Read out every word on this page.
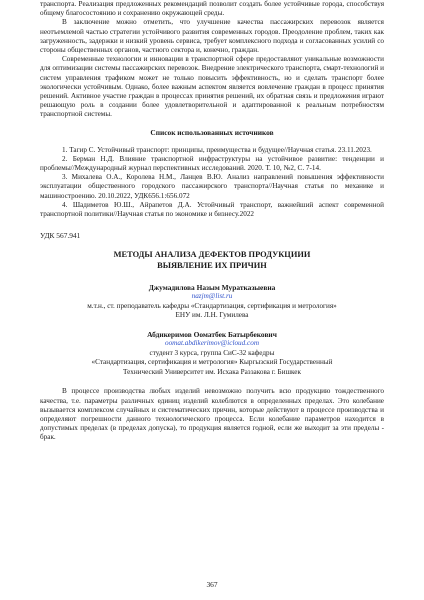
транспорта. Реализация предложенных рекомендаций позволит создать более устойчивые города, способствуя общему благосостоянию и сохранению окружающей среды.

В заключение можно отметить, что улучшение качества пассажирских перевозок является неотъемлемой частью стратегии устойчивого развития современных городов. Преодоление проблем, таких как загруженность, задержки и низкий уровень сервиса, требует комплексного подхода и согласованных усилий со стороны общественных органов, частного сектора и, конечно, граждан.

Современные технологии и инновации в транспортной сфере предоставляют уникальные возможности для оптимизации системы пассажирских перевозок. Внедрение электрического транспорта, смарт-технологий и систем управления трафиком может не только повысить эффективность, но и сделать транспорт более экологически устойчивым. Однако, более важным аспектом является вовлечение граждан в процесс принятия решений. Активное участие граждан в процессах принятия решений, их обратная связь и предложения играют решающую роль в создании более удовлетворительной и адаптированной к реальным потребностям транспортной системы.

Список использованных источников

1. Тагир С. Устойчивый транспорт: принципы, преимущества и будущее//Научная статья. 23.11.2023.

2. Берман Н.Д. Влияние транспортной инфраструктуры на устойчивое развитие: тенденции и проблемы//Международный журнал перспективных исследований. 2020. Т. 10, №2, С. 7-14.

3. Михалева О.А., Королева Н.М., Ланцев В.Ю. Анализ направлений повышения эффективности эксплуатации общественного городского пассажирского транспорта//Научная статья по механике и машиностроению. 20.10.2022, УДК656.1:656.072

4. Шадиметов Ю.Ш., Айрапетов Д.А. Устойчивый транспорт, важнейший аспект современной транспортной политики//Научная статья по экономике и бизнесу.2022

УДК 567.941

МЕТОДЫ АНАЛИЗА ДЕФЕКТОВ ПРОДУКЦИИИ
ВЫЯВЛЕНИЕ ИХ ПРИЧИН
Джумадилова Назым Муратказыевна
nazjm@list.ru
м.т.н., ст. преподаватель кафедры «Стандартизация, сертификация и метрология»
ЕНУ им. Л.Н. Гумилева
Абдикеримов Ооматбек Батырбекович
oomat.abdikerimov@icloud.com
студент 3 курса, группа СиС-32 кафедры
«Стандартизация, сертификация и метрология» Кыргызский Государственный
Технический Университет им. Исхака Раззакова г. Бишкек

В процессе производства любых изделий невозможно получить всю продукцию тождественного качества, т.е. параметры различных единиц изделий колеблются в определенных пределах. Это колебание вызывается комплексом случайных и систематических причин, которые действуют в процессе производства и определяют погрешности данного технологического процесса. Если колебание параметров находится в допустимых пределах (в пределах допуска), то продукция является годной, если же выходит за эти пределы - брак.

367
